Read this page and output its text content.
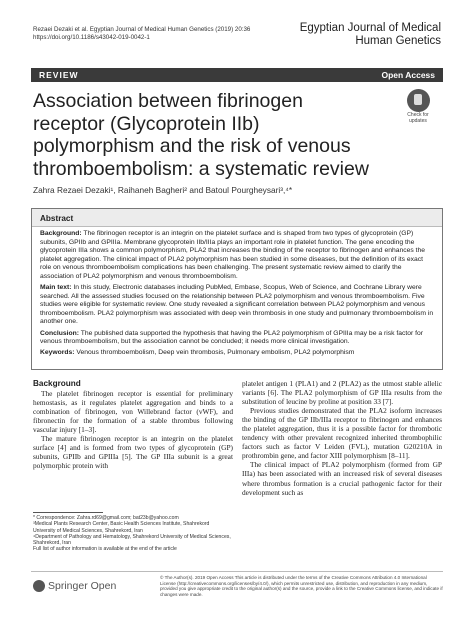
Rezaei Dezaki et al. Egyptian Journal of Medical Human Genetics (2019) 20:36
https://doi.org/10.1186/s43042-019-0042-1
Egyptian Journal of Medical
Human Genetics
REVIEW	Open Access
Association between fibrinogen receptor (Glycoprotein IIb) polymorphism and the risk of venous thromboembolism: a systematic review
Check for
updates
Zahra Rezaei Dezaki¹, Raihaneh Bagheri² and Batoul Pourgheysari³,⁴*
Abstract

Background: The fibrinogen receptor is an integrin on the platelet surface and is shaped from two types of glycoprotein (GP) subunits, GPIIb and GPIIIa. Membrane glycoprotein IIb/IIIa plays an important role in platelet function. The gene encoding the glycoprotein IIIa shows a common polymorphism, PLA2 that increases the binding of the receptor to fibrinogen and enhances the platelet aggregation. The clinical impact of PLA2 polymorphism has been studied in some diseases, but the definition of its exact role on venous thromboembolism complications has been challenging. The present systematic review aimed to clarify the association of PLA2 polymorphism and venous thromboembolism.

Main text: In this study, Electronic databases including PubMed, Embase, Scopus, Web of Science, and Cochrane Library were searched. All the assessed studies focused on the relationship between PLA2 polymorphism and venous thromboembolism. Five studies were eligible for systematic review. One study revealed a significant correlation between PLA2 polymorphism and venous thromboembolism. PLA2 polymorphism was associated with deep vein thrombosis in one study and pulmonary thromboembolism in another one.

Conclusion: The published data supported the hypothesis that having the PLA2 polymorphism of GPIIIa may be a risk factor for venous thromboembolism, but the association cannot be concluded; it needs more clinical investigation.

Keywords: Venous thromboembolism, Deep vein thrombosis, Pulmonary embolism, PLA2 polymorphism

Background

The platelet fibrinogen receptor is essential for preliminary hemostasis, as it regulates platelet aggregation and binds to a combination of fibrinogen, von Willebrand factor (vWF), and fibronectin for the formation of a stable thrombus following vascular injury [1–3].

The mature fibrinogen receptor is an integrin on the platelet surface [4] and is formed from two types of glycoprotein (GP) subunits, GPIIb and GPIIIa [5]. The GP IIIa subunit is a great polymorphic protein with

platelet antigen 1 (PLA1) and 2 (PLA2) as the utmost stable allelic variants [6]. The PLA2 polymorphism of GP IIIa results from the substitution of leucine by proline at position 33 [7].

Previous studies demonstrated that the PLA2 isoform increases the binding of the GP IIb/IIIa receptor to fibrinogen and enhances the platelet aggregation, thus it is a possible factor for thrombotic tendency with other prevalent recognized inherited thrombophilic factors such as factor V Leiden (FVL), mutation G20210A in prothrombin gene, and factor XIII polymorphism [8–11].

The clinical impact of PLA2 polymorphism (formed from GP IIIa) has been associated with an increased risk of several diseases where thrombus formation is a crucial pathogenic factor for their development such as

* Correspondence: Zahra.rd69@gmail.com; bat23b@yahoo.com

³Medical Plants Research Center, Basic Health Sciences Institute, Shahrekord University of Medical Sciences, Shahrekord, Iran

⁴Department of Pathology and Hematology, Shahrekord University of Medical Sciences, Shahrekord, Iran

Full list of author information is available at the end of the article

Springer Open
© The Author(s). 2019 Open Access This article is distributed under the terms of the Creative Commons Attribution 4.0 International License (http://creativecommons.org/licenses/by/4.0/), which permits unrestricted use, distribution, and reproduction in any medium, provided you give appropriate credit to the original author(s) and the source, provide a link to the Creative Commons license, and indicate if changes were made.
